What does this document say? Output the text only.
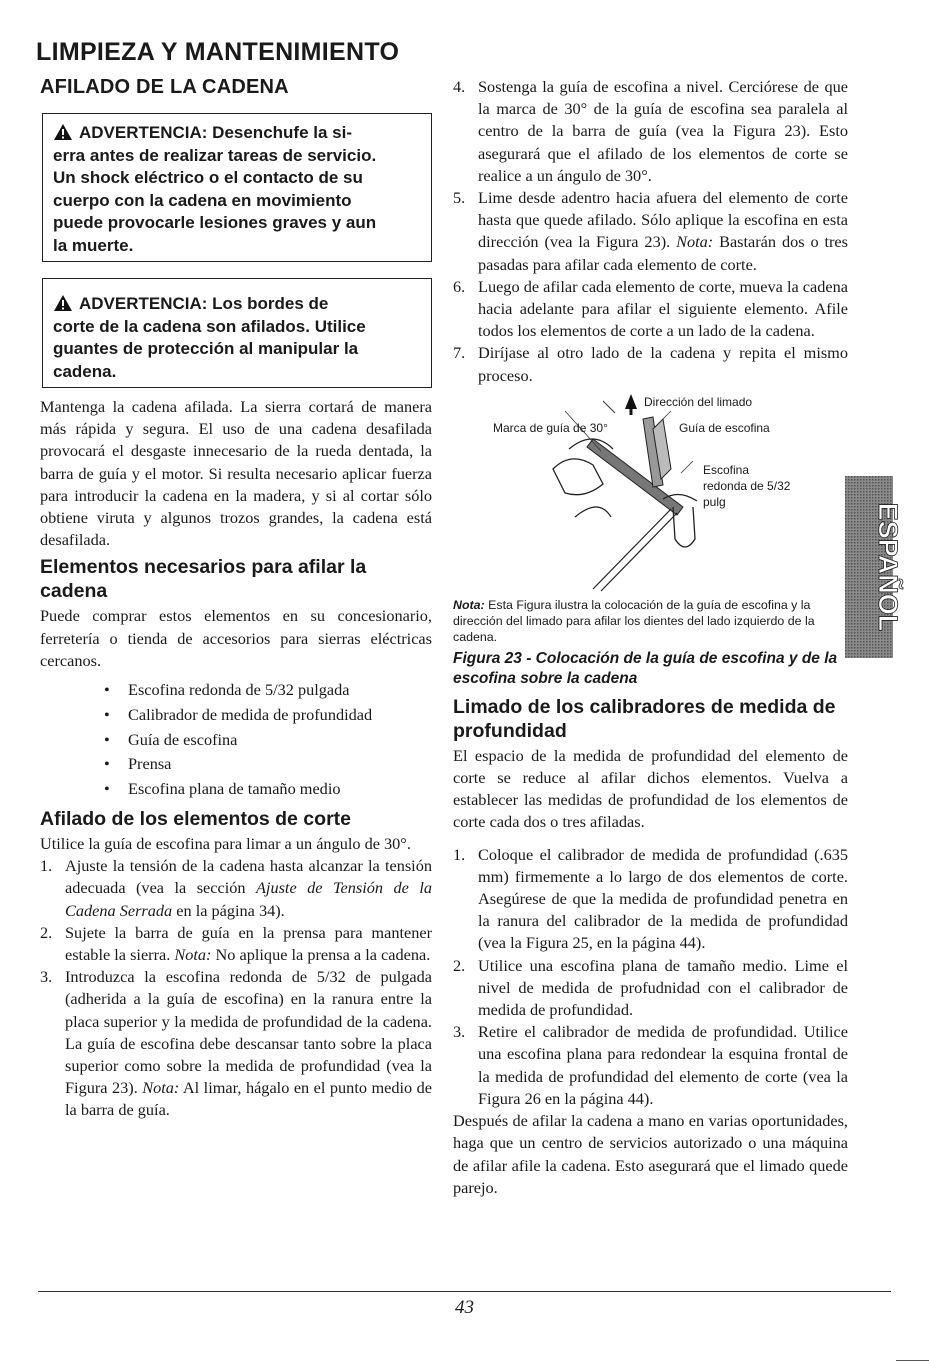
LIMPIEZA Y MANTENIMIENTO
AFILADO DE LA CADENA
ADVERTENCIA: Desenchufe la si-
erra antes de realizar tareas de servicio.
Un shock eléctrico o el contacto de su
cuerpo con la cadena en movimiento
puede provocarle lesiones graves y aun
la muerte.
ADVERTENCIA: Los bordes de
corte de la cadena son afilados. Utilice
guantes de protección al manipular la
cadena.

Mantenga la cadena afilada. La sierra cortará de manera más rápida y segura. El uso de una cadena desafilada provocará el desgaste innecesario de la rueda dentada, la barra de guía y el motor. Si resulta necesario aplicar fuerza para introducir la cadena en la madera, y si al cortar sólo obtiene viruta y algunos trozos grandes, la cadena está desafilada.

Elementos necesarios para afilar la cadena

Puede comprar estos elementos en su concesionario, ferretería o tienda de accesorios para sierras eléctricas cercanos.

• Escofina redonda de 5/32 pulgada
• Calibrador de medida de profundidad
• Guía de escofina
• Prensa
• Escofina plana de tamaño medio
Afilado de los elementos de corte

Utilice la guía de escofina para limar a un ángulo de 30°.

1. Ajuste la tensión de la cadena hasta alcanzar la tensión adecuada (vea la sección Ajuste de Tensión de la Cadena Serrada en la página 34).
2. Sujete la barra de guía en la prensa para mantener estable la sierra. Nota: No aplique la prensa a la cadena.
3. Introduzca la escofina redonda de 5/32 de pulgada (adherida a la guía de escofina) en la ranura entre la placa superior y la medida de profundidad de la cadena. La guía de escofina debe descansar tanto sobre la placa superior como sobre la medida de profundidad (vea la Figura 23). Nota: Al limar, hágalo en el punto medio de la barra de guía.
4. Sostenga la guía de escofina a nivel. Cerciórese de que la marca de 30° de la guía de escofina sea paralela al centro de la barra de guía (vea la Figura 23). Esto asegurará que el afilado de los elementos de corte se realice a un ángulo de 30°.
5. Lime desde adentro hacia afuera del elemento de corte hasta que quede afilado. Sólo aplique la escofina en esta dirección (vea la Figura 23). Nota: Bastarán dos o tres pasadas para afilar cada elemento de corte.
6. Luego de afilar cada elemento de corte, mueva la cadena hacia adelante para afilar el siguiente elemento. Afile todos los elementos de corte a un lado de la cadena.
7. Diríjase al otro lado de la cadena y repita el mismo proceso.
Dirección del limado
Marca de guía de 30°	Guía de escofina
Escofina
redonda de 5/32
pulg

Nota: Esta Figura ilustra la colocación de la guía de escofina y la dirección del limado para afilar los dientes del lado izquierdo de la cadena.

Figura 23 - Colocación de la guía de escofina y de la escofina sobre la cadena

Limado de los calibradores de medida de profundidad

El espacio de la medida de profundidad del elemento de corte se reduce al afilar dichos elementos. Vuelva a establecer las medidas de profundidad de los elementos de corte cada dos o tres afiladas.

1. Coloque el calibrador de medida de profundidad (.635 mm) firmemente a lo largo de dos elementos de corte. Asegúrese de que la medida de profundidad penetra en la ranura del calibrador de la medida de profundidad (vea la Figura 25, en la página 44).
2. Utilice una escofina plana de tamaño medio. Lime el nivel de medida de profudnidad con el calibrador de medida de profundidad.
3. Retire el calibrador de medida de profundidad. Utilice una escofina plana para redondear la esquina frontal de la medida de profundidad del elemento de corte (vea la Figura 26 en la página 44).

Después de afilar la cadena a mano en varias oportunidades, haga que un centro de servicios autorizado o una máquina de afilar afile la cadena. Esto asegurará que el limado quede parejo.

ESPAÑOL
43
